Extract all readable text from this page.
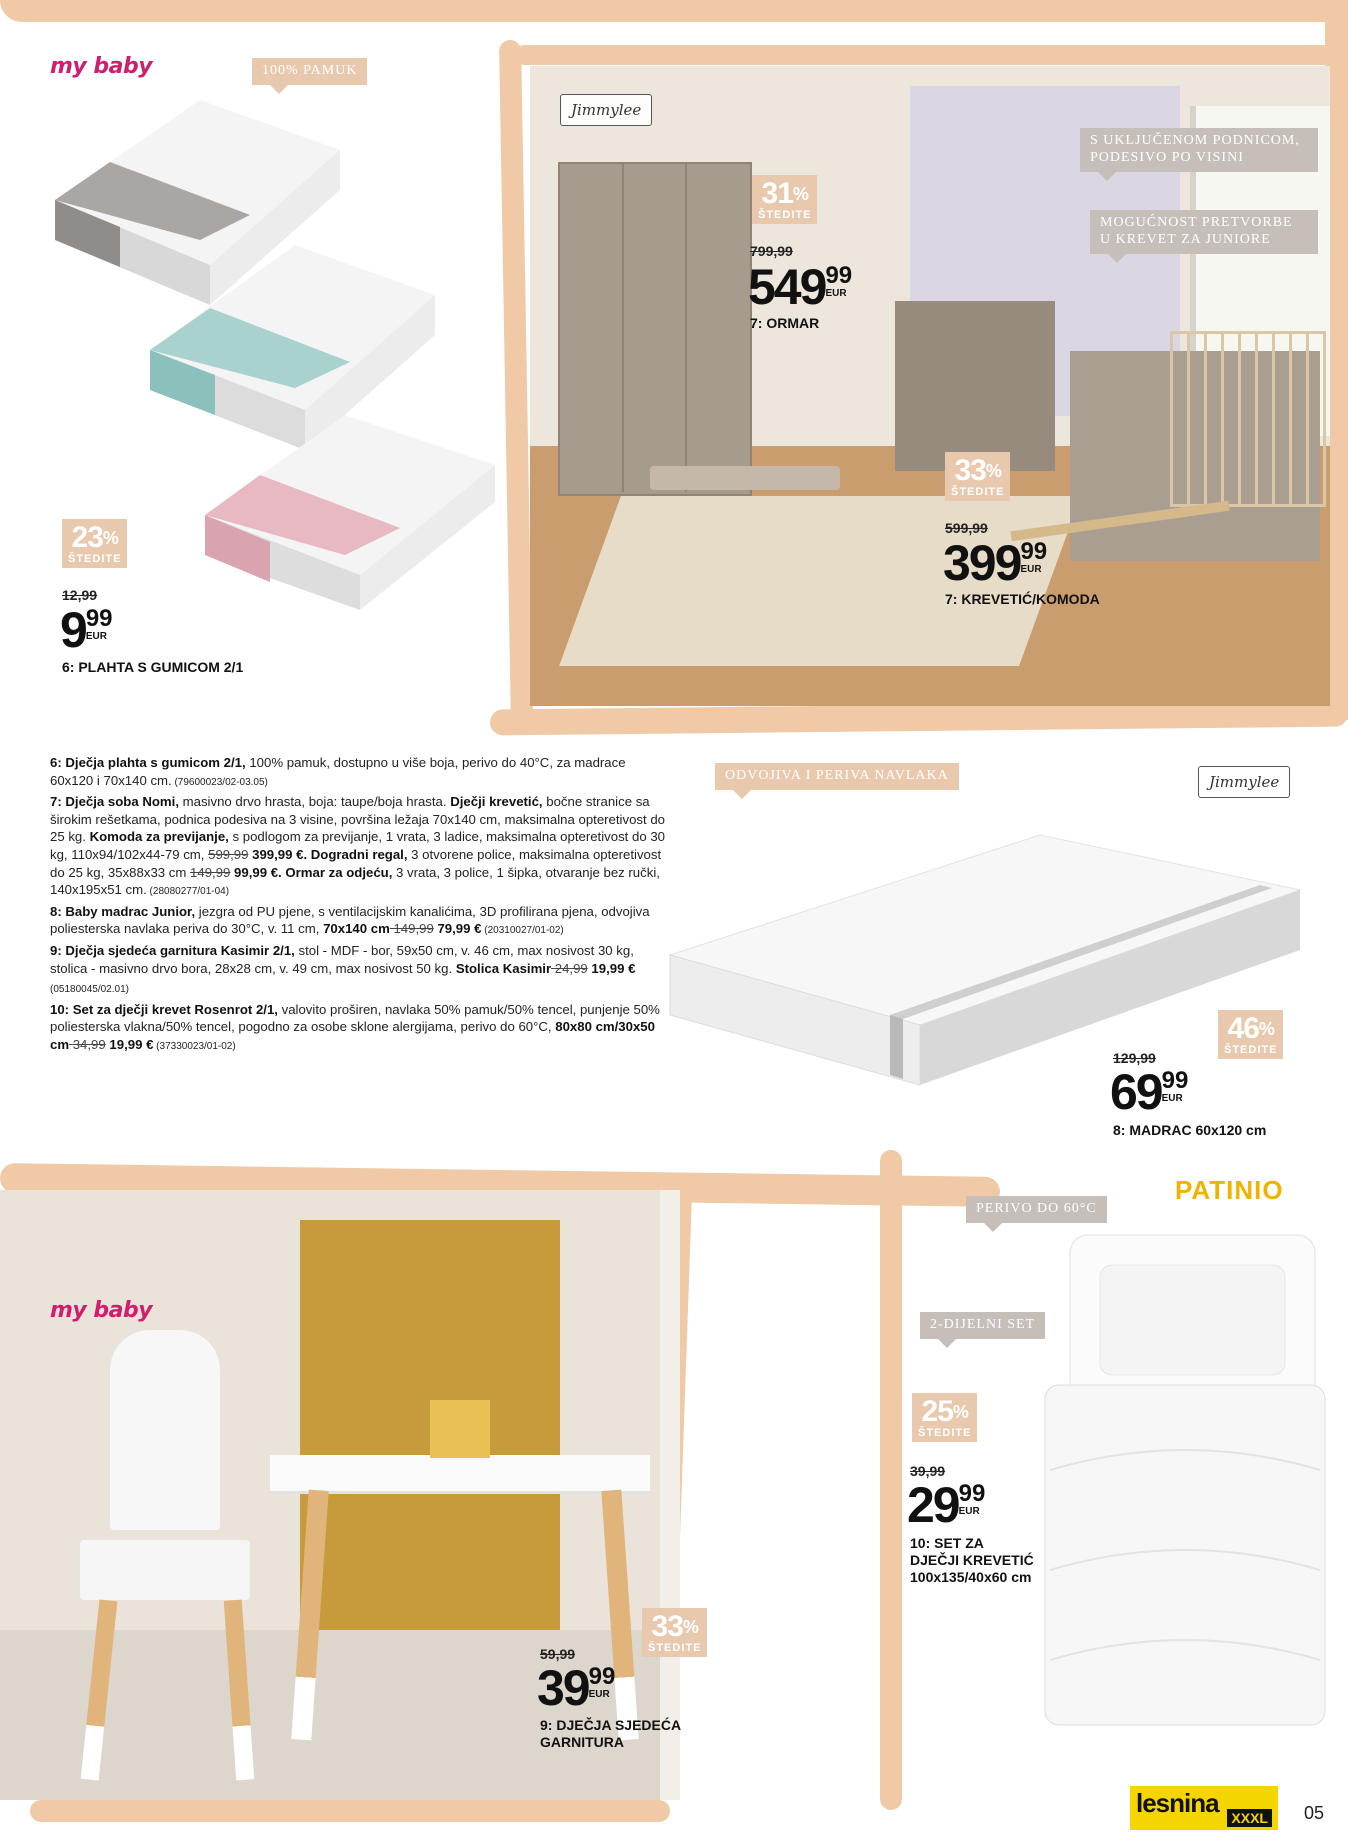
my baby	100% PAMUK
23%
ŠTEDITE
12,99
999
EUR
6: PLAHTA S GUMICOM 2/1
Jimmylee
S UKLJUČENOM PODNICOM, PODESIVO PO VISINI
MOGUĆNOST PRETVORBE U KREVET ZA JUNIORE
31%
ŠTEDITE
799,99
54999
EUR
7: ORMAR
33%
ŠTEDITE
599,99
39999
EUR
7: KREVETIĆ/KOMODA

6: Dječja plahta s gumicom 2/1, 100% pamuk, dostupno u više boja, perivo do 40°C, za madrace 60x120 i 70x140 cm. (79600023/02-03.05)

7: Dječja soba Nomi, masivno drvo hrasta, boja: taupe/boja hrasta. Dječji krevetić, bočne stranice sa širokim rešetkama, podnica podesiva na 3 visine, površina ležaja 70x140 cm, maksimalna opteretivost do 25 kg. Komoda za previjanje, s podlogom za previjanje, 1 vrata, 3 ladice, maksimalna opteretivost do 30 kg, 110x94/102x44-79 cm, 599,99 399,99 €. Dogradni regal, 3 otvorene police, maksimalna opteretivost do 25 kg, 35x88x33 cm 149,99 99,99 €. Ormar za odjeću, 3 vrata, 3 police, 1 šipka, otvaranje bez ručki, 140x195x51 cm. (28080277/01-04)

8: Baby madrac Junior, jezgra od PU pjene, s ventilacijskim kanalićima, 3D profilirana pjena, odvojiva poliesterska navlaka periva do 30°C, v. 11 cm, 70x140 cm 149,99 79,99 € (20310027/01-02)

9: Dječja sjedeća garnitura Kasimir 2/1, stol - MDF - bor, 59x50 cm, v. 46 cm, max nosivost 30 kg, stolica - masivno drvo bora, 28x28 cm, v. 49 cm, max nosivost 50 kg. Stolica Kasimir 24,99 19,99 € (05180045/02.01)

10: Set za dječji krevet Rosenrot 2/1, valovito proširen, navlaka 50% pamuk/50% tencel, punjenje 50% poliesterska vlakna/50% tencel, pogodno za osobe sklone alergijama, perivo do 60°C, 80x80 cm/30x50 cm 34,99 19,99 € (37330023/01-02)

ODVOJIVA I PERIVA NAVLAKA	Jimmylee
46%
ŠTEDITE
129,99
6999
EUR
8: MADRAC 60x120 cm
my baby
33%
ŠTEDITE
59,99
3999
EUR
9: DJEČJA SJEDEĆA
GARNITURA
PATINIO
PERIVO DO 60°C
2-DIJELNI SET
25%
ŠTEDITE
39,99
2999
EUR
10: SET ZA
DJEČJI KREVETIĆ
100x135/40x60 cm
lesnina XXXL 05
